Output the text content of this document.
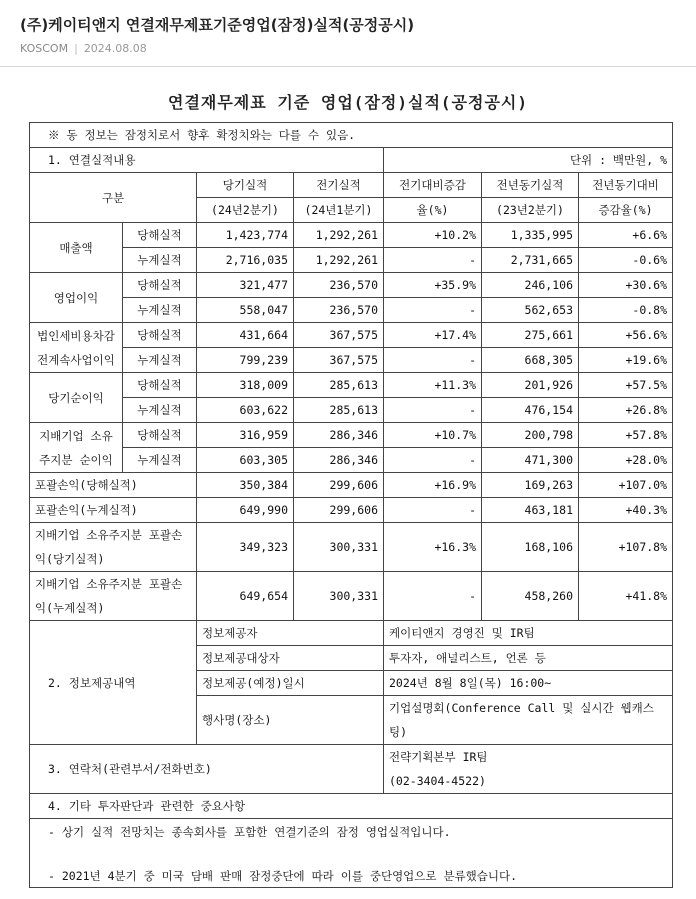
(주)케이티앤지 연결재무제표기준영업(잠정)실적(공정공시)
KOSCOM | 2024.08.08
연결재무제표 기준 영업(잠정)실적(공정공시)
※ 동 정보는 잠정치로서 향후 확정치와는 다를 수 있음.						
1. 연결실적내용				단위 : 백만원, %		
구분		당기실적	전기실적	전기대비증감	전년동기실적	전년동기대비
		(24년2분기)	(24년1분기)	율(%)	(23년2분기)	증감율(%)
매출액	당해실적	1,423,774	1,292,261	+10.2%	1,335,995	+6.6%
	누계실적	2,716,035	1,292,261	-	2,731,665	-0.6%
영업이익	당해실적	321,477	236,570	+35.9%	246,106	+30.6%
	누계실적	558,047	236,570	-	562,653	-0.8%
법인세비용차감전계속사업이익	당해실적	431,664	367,575	+17.4%	275,661	+56.6%
	누계실적	799,239	367,575	-	668,305	+19.6%
당기순이익	당해실적	318,009	285,613	+11.3%	201,926	+57.5%
	누계실적	603,622	285,613	-	476,154	+26.8%
지배기업 소유주지분 순이익	당해실적	316,959	286,346	+10.7%	200,798	+57.8%
	누계실적	603,305	286,346	-	471,300	+28.0%
포괄손익(당해실적)		350,384	299,606	+16.9%	169,263	+107.0%
포괄손익(누계실적)		649,990	299,606	-	463,181	+40.3%
지배기업 소유주지분 포괄손익(당기실적)		349,323	300,331	+16.3%	168,106	+107.8%
지배기업 소유주지분 포괄손익(누계실적)		649,654	300,331	-	458,260	+41.8%
2. 정보제공내역		정보제공자		케이티앤지 경영진 및 IR팀		
		정보제공대상자		투자자, 애널리스트, 언론 등		
		정보제공(예정)일시		2024년 8월 8일(목) 16:00~		
		행사명(장소)		기업설명회(Conference Call 및 실시간 웹캐스팅)		
3. 연락처(관련부서/전화번호)				전략기획본부 IR팀
(02-3404-4522)		

4. 기타 투자판단과 관련한 중요사항						

- 상기 실적 전망치는 종속회사를 포함한 연결기준의 잠정 영업실적입니다.
- 2021년 4분기 중 미국 담배 판매 잠정중단에 따라 이를 중단영업으로 분류했습니다.						
